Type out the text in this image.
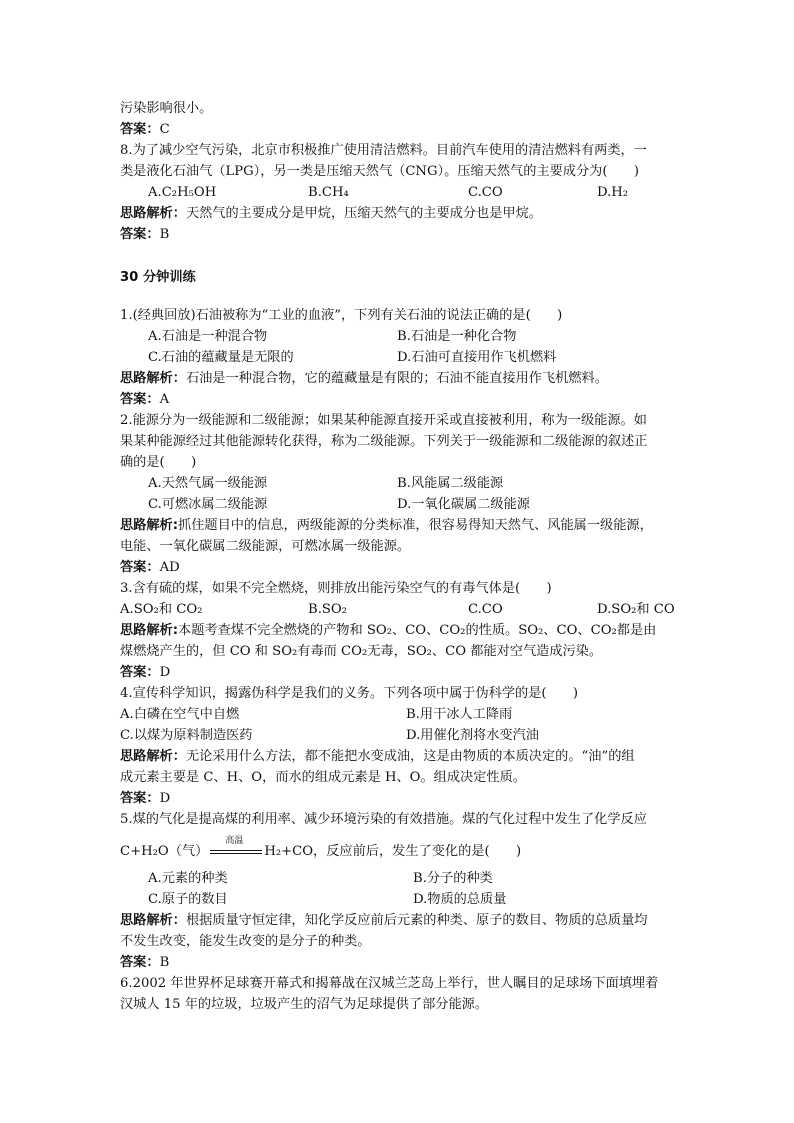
污染影响很小。
答案：C
8.为了减少空气污染，北京市积极推广使用清洁燃料。目前汽车使用的清洁燃料有两类，一
类是液化石油气（LPG），另一类是压缩天然气（CNG）。压缩天然气的主要成分为(　　)
A.C₂H₅OH	B.CH₄	C.CO	D.H₂
思路解析：天然气的主要成分是甲烷，压缩天然气的主要成分也是甲烷。
答案：B
30 分钟训练
1.(经典回放)石油被称为“工业的血液”，下列有关石油的说法正确的是(　　)
A.石油是一种混合物	B.石油是一种化合物
C.石油的蕴藏量是无限的	D.石油可直接用作飞机燃料
思路解析：石油是一种混合物，它的蕴藏量是有限的；石油不能直接用作飞机燃料。
答案：A
2.能源分为一级能源和二级能源；如果某种能源直接开采或直接被利用，称为一级能源。如
果某种能源经过其他能源转化获得，称为二级能源。下列关于一级能源和二级能源的叙述正
确的是(　　)
A.天然气属一级能源	B.风能属二级能源
C.可燃冰属二级能源	D.一氧化碳属二级能源
思路解析:抓住题目中的信息，两级能源的分类标准，很容易得知天然气、风能属一级能源，
电能、一氧化碳属二级能源，可燃冰属一级能源。
答案：AD
3.含有硫的煤，如果不完全燃烧，则排放出能污染空气的有毒气体是(　　)
A.SO₂和 CO₂	B.SO₂	C.CO	D.SO₂和 CO
思路解析:本题考查煤不完全燃烧的产物和 SO₂、CO、CO₂的性质。SO₂、CO、CO₂都是由
煤燃烧产生的，但 CO 和 SO₂有毒而 CO₂无毒，SO₂、CO 都能对空气造成污染。
答案：D
4.宣传科学知识，揭露伪科学是我们的义务。下列各项中属于伪科学的是(　　)
A.白磷在空气中自燃	B.用干冰人工降雨
C.以煤为原料制造医药	D.用催化剂将水变汽油
思路解析：无论采用什么方法，都不能把水变成油，这是由物质的本质决定的。“油”的组
成元素主要是 C、H、O，而水的组成元素是 H、O。组成决定性质。
答案：D
5.煤的气化是提高煤的利用率、减少环境污染的有效措施。煤的气化过程中发生了化学反应
C+H₂O（气）
高温
H₂+CO，反应前后，发生了变化的是(　　)
A.元素的种类	B.分子的种类
C.原子的数目	D.物质的总质量
思路解析：根据质量守恒定律，知化学反应前后元素的种类、原子的数目、物质的总质量均
不发生改变，能发生改变的是分子的种类。
答案：B
6.2002 年世界杯足球赛开幕式和揭幕战在汉城兰芝岛上举行，世人瞩目的足球场下面填埋着
汉城人 15 年的垃圾，垃圾产生的沼气为足球提供了部分能源。
